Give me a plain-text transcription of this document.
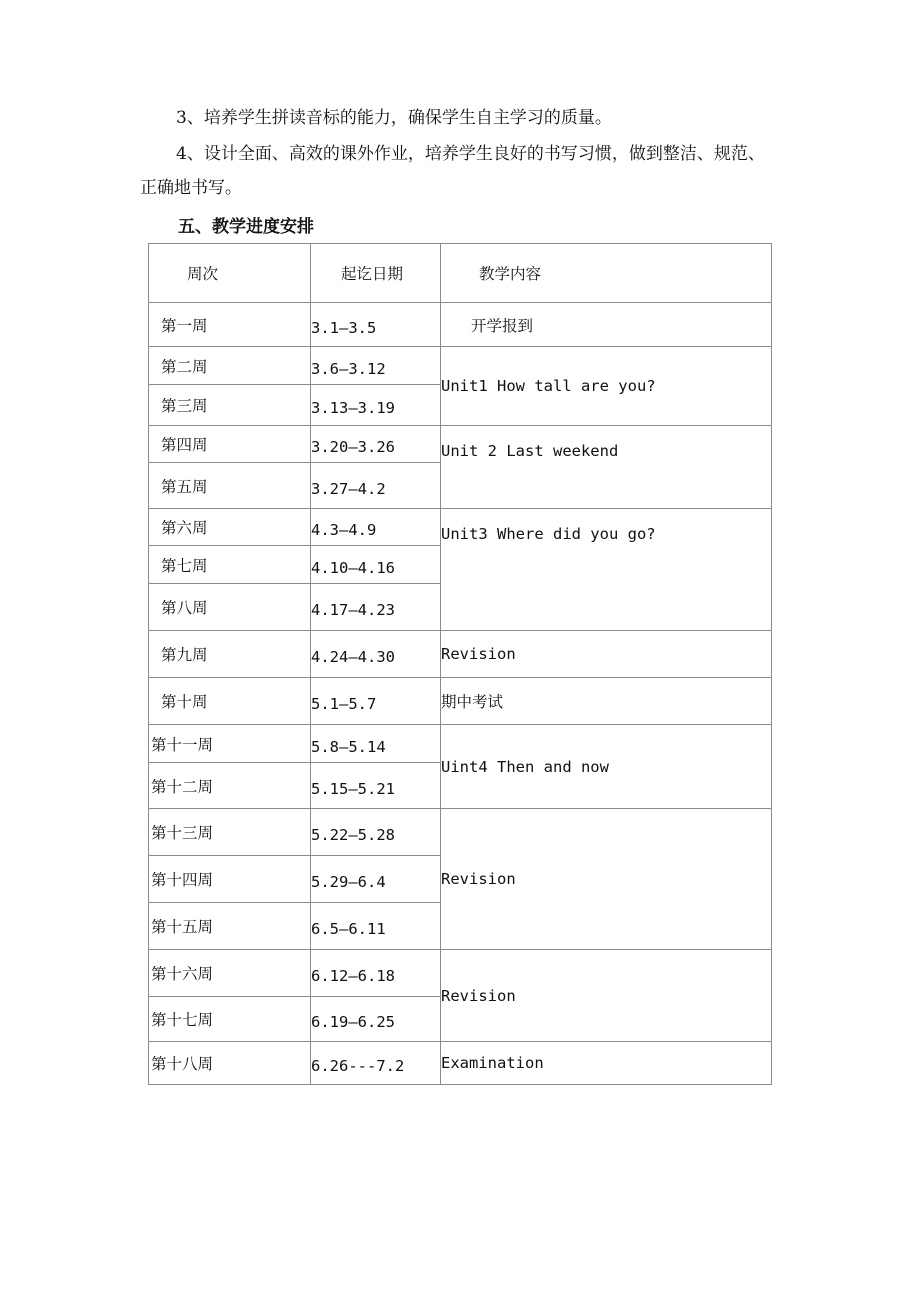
3、培养学生拼读音标的能力，确保学生自主学习的质量。

4、设计全面、高效的课外作业，培养学生良好的书写习惯，做到整洁、规范、正确地书写。

五、教学进度安排
周次	起讫日期	教学内容
第一周	3.1—3.5	开学报到
第二周	3.6—3.12	Unit1 How tall are you?
第三周	3.13—3.19	
第四周	3.20—3.26	Unit 2 Last weekend
第五周	3.27—4.2	
第六周	4.3—4.9	Unit3 Where did you go?
第七周	4.10—4.16	
第八周	4.17—4.23	
第九周	4.24—4.30	Revision
第十周	5.1—5.7	期中考试
第十一周	5.8—5.14	Uint4 Then and now
第十二周	5.15—5.21	
第十三周	5.22—5.28	Revision
第十四周	5.29—6.4	
第十五周	6.5—6.11	
第十六周	6.12—6.18	Revision
第十七周	6.19—6.25	
第十八周	6.26---7.2	Examination
